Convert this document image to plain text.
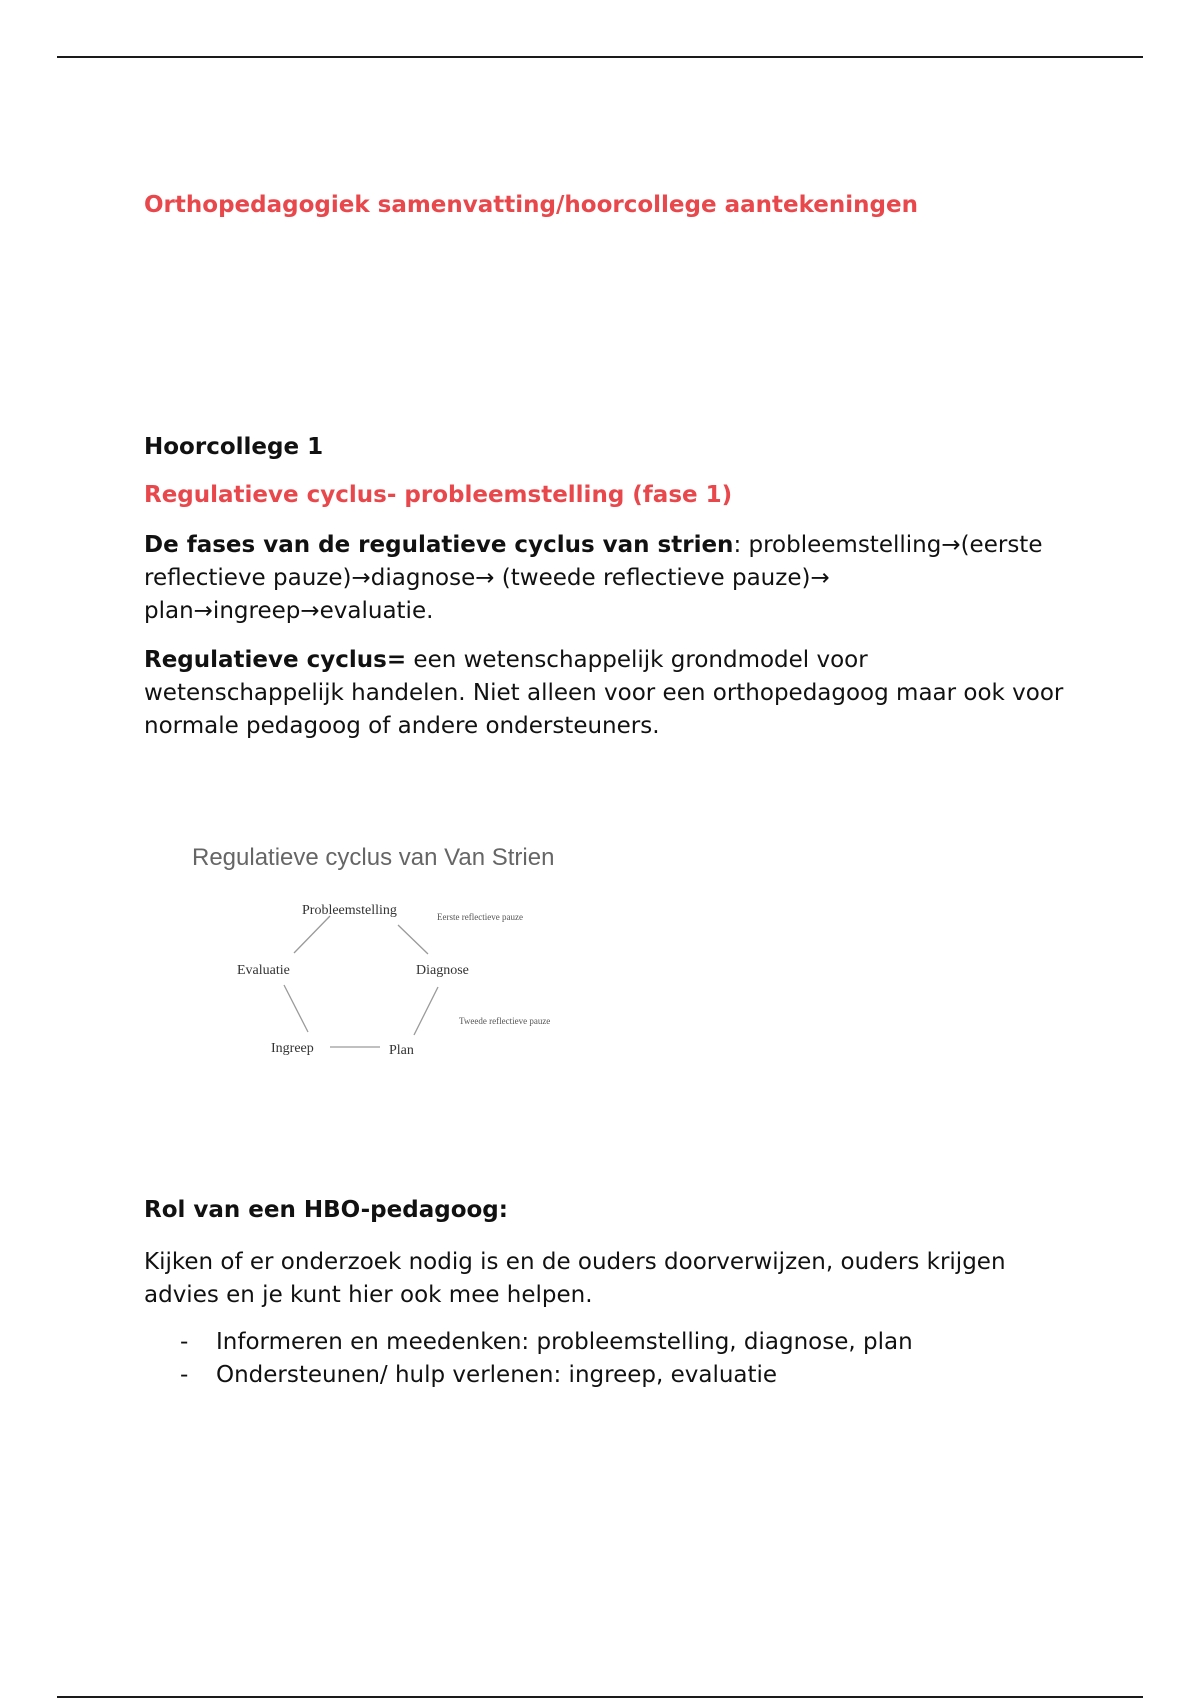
Orthopedagogiek samenvatting/hoorcollege aantekeningen
Hoorcollege 1
Regulatieve cyclus- probleemstelling (fase 1)

De fases van de regulatieve cyclus van strien: probleemstelling→(eerste reflectieve pauze)→diagnose→ (tweede reflectieve pauze)→ plan→ingreep→evaluatie.

Regulatieve cyclus= een wetenschappelijk grondmodel voor wetenschappelijk handelen. Niet alleen voor een orthopedagoog maar ook voor normale pedagoog of andere ondersteuners.

Rol van een HBO-pedagoog:

Kijken of er onderzoek nodig is en de ouders doorverwijzen, ouders krijgen advies en je kunt hier ook mee helpen.

- Informeren en meedenken: probleemstelling, diagnose, plan
- Ondersteunen/ hulp verlenen: ingreep, evaluatie
Regulatieve cyclus van Van Strien
Probleemstelling
Diagnose
Plan
Ingreep
Evaluatie
Eerste reflectieve pauze
Tweede reflectieve pauze
